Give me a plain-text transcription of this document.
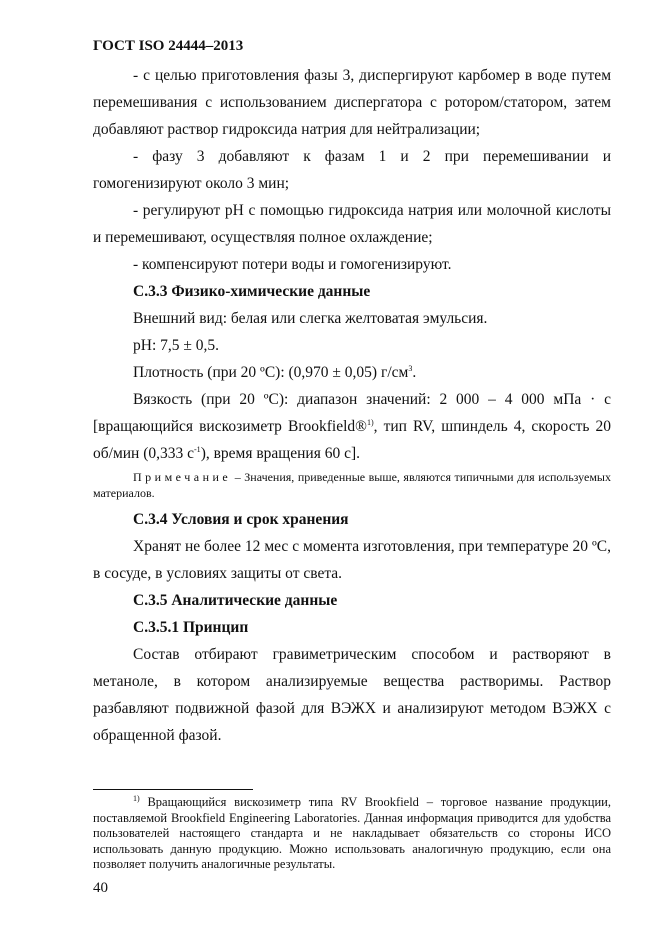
ГОСТ ISO 24444–2013

- с целью приготовления фазы 3, диспергируют карбомер в воде путем перемешивания с использованием диспергатора с ротором/статором, затем добавляют раствор гидроксида натрия для нейтрализации;

- фазу 3 добавляют к фазам 1 и 2 при перемешивании и гомогенизируют около 3 мин;

- регулируют pH с помощью гидроксида натрия или молочной кислоты и перемешивают, осуществляя полное охлаждение;

- компенсируют потери воды и гомогенизируют.

С.3.3 Физико-химические данные

Внешний вид: белая или слегка желтоватая эмульсия.

pH: 7,5 ± 0,5.

Плотность (при 20 ºС): (0,970 ± 0,05) $г/см^3$.

Вязкость (при 20 ºС): диапазон значений: 2 000 – 4 000 мПа · с [вращающийся вискозиметр Brookfield®$^{1)}$, тип RV, шпиндель 4, скорость 20 об/мин (0,333 $с^{-1}$), время вращения 60 с].

Примечание – Значения, приведенные выше, являются типичными для используемых материалов.

С.3.4 Условия и срок хранения

Хранят не более 12 мес с момента изготовления, при температуре 20 ºС, в сосуде, в условиях защиты от света.

С.3.5 Аналитические данные

С.3.5.1 Принцип

Состав отбирают гравиметрическим способом и растворяют в метаноле, в котором анализируемые вещества растворимы. Раствор разбавляют подвижной фазой для ВЭЖХ и анализируют методом ВЭЖХ с обращенной фазой.

$^{1)}$ Вращающийся вискозиметр типа RV Brookfield – торговое название продукции, поставляемой Brookfield Engineering Laboratories. Данная информация приводится для удобства пользователей настоящего стандарта и не накладывает обязательств со стороны ИСО использовать данную продукцию. Можно использовать аналогичную продукцию, если она позволяет получить аналогичные результаты.
40
